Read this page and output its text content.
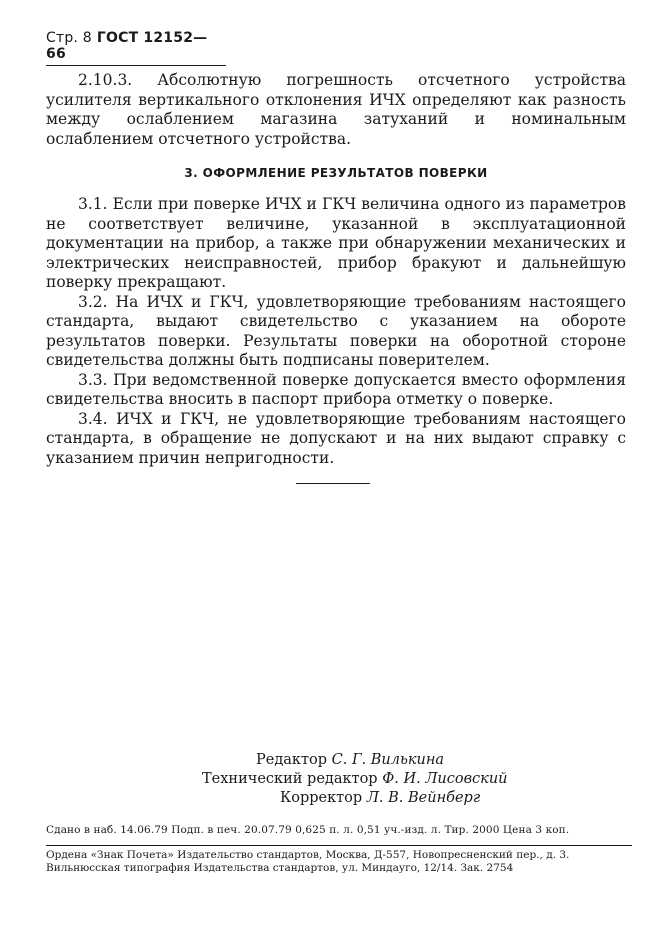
Стр. 8 ГОСТ 12152—66

2.10.3. Абсолютную погрешность отсчетного устройства усилителя вертикального отклонения ИЧХ определяют как разность между ослаблением магазина затуханий и номинальным ослаблением отсчетного устройства.

3. ОФОРМЛЕНИЕ РЕЗУЛЬТАТОВ ПОВЕРКИ

3.1. Если при поверке ИЧХ и ГКЧ величина одного из параметров не соответствует величине, указанной в эксплуатационной документации на прибор, а также при обнаружении механических и электрических неисправностей, прибор бракуют и дальнейшую поверку прекращают.

3.2. На ИЧХ и ГКЧ, удовлетворяющие требованиям настоящего стандарта, выдают свидетельство с указанием на обороте результатов поверки. Результаты поверки на оборотной стороне свидетельства должны быть подписаны поверителем.

3.3. При ведомственной поверке допускается вместо оформления свидетельства вносить в паспорт прибора отметку о поверке.

3.4. ИЧХ и ГКЧ, не удовлетворяющие требованиям настоящего стандарта, в обращение не допускают и на них выдают справку с указанием причин непригодности.

Редактор С. Г. Вилькина
Технический редактор Ф. И. Лисовский
Корректор Л. В. Вейнберг
Сдано в наб. 14.06.79 Подп. в печ. 20.07.79 0,625 п. л. 0,51 уч.-изд. л. Тир. 2000 Цена 3 коп.
Ордена «Знак Почета» Издательство стандартов, Москва, Д-557, Новопресненский пер., д. 3.
Вильнюсская типография Издательства стандартов, ул. Миндауго, 12/14. Зак. 2754
